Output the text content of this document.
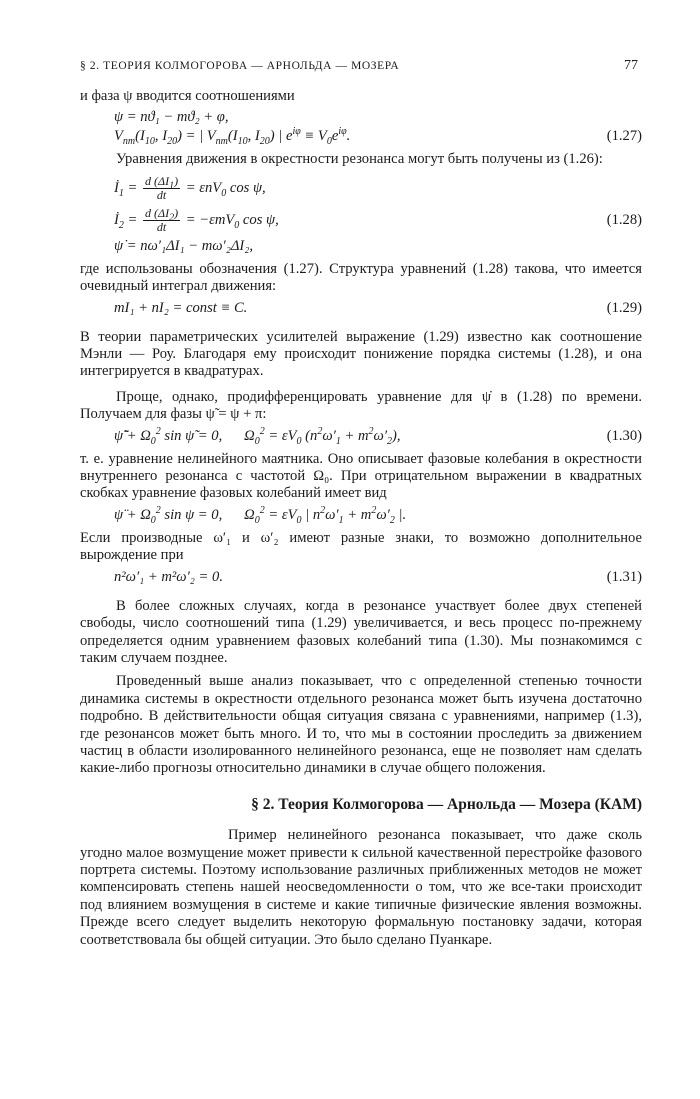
§ 2. ТЕОРИЯ КОЛМОГОРОВА — АРНОЛЬДА — МОЗЕРА	77

и фаза ψ вводится соотношениями

ψ = nϑ₁ − mϑ₂ + φ,
$V_{nm}(I_{10}$, $I_{20}$) = | $V_{nm}(I_{10}$, $I_{20}$) | $e^{i\varphi} \equiv V_0e^{i\varphi}$.	(1.27)

Уравнения движения в окрестности резонанса могут быть получены из (1.26):

$İ_1 = \frac{d (\Delta I_1)}{dt} = \varepsilon nV_0$ cos ψ,
$İ_2 = \frac{d (\Delta I_2)}{dt} = -\varepsilon mV_0$ cos ψ,	(1.28)
ψ̇ = nω′₁ΔI₁ − mω′₂ΔI₂,

где использованы обозначения (1.27). Структура уравнений (1.28) такова, что имеется очевидный интеграл движения:

mI₁ + nI₂ = const ≡ C.	(1.29)

В теории параметрических усилителей выражение (1.29) известно как соотношение Мэнли — Роу. Благодаря ему происходит понижение порядка системы (1.28), и она интегрируется в квадратурах.

Проще, однако, продифференцировать уравнение для ψ̇ в (1.28) по времени. Получаем для фазы ψ̃ = ψ + π:

ψ̃̈ + $\Omega_0^2$ sin ψ̃ = 0,      $\Omega_0^2 = \varepsilon V_0$ $(n^2\omega'_1 + m^2\omega'_2)$,	(1.30)

т. е. уравнение нелинейного маятника. Оно описывает фазовые колебания в окрестности внутреннего резонанса с частотой Ω₀. При отрицательном выражении в квадратных скобках уравнение фазовых колебаний имеет вид

ψ̈ + $\Omega_0^2$ sin ψ = 0,      $\Omega_0^2 = \varepsilon V_0$ | $n^2\omega'_1 + m^2\omega'_2$ |.

Если производные ω′₁ и ω′₂ имеют разные знаки, то возможно дополнительное вырождение при

n²ω′₁ + m²ω′₂ = 0.	(1.31)

В более сложных случаях, когда в резонансе участвует более двух степеней свободы, число соотношений типа (1.29) увеличивается, и весь процесс по-прежнему определяется одним уравнением фазовых колебаний типа (1.30). Мы познакомимся с таким случаем позднее.

Проведенный выше анализ показывает, что с определенной степенью точности динамика системы в окрестности отдельного резонанса может быть изучена достаточно подробно. В действительности общая ситуация связана с уравнениями, например (1.3), где резонансов может быть много. И то, что мы в состоянии проследить за движением частиц в области изолированного нелинейного резонанса, еще не позволяет нам сделать какие-либо прогнозы относительно динамики в случае общего положения.

§ 2. Теория Колмогорова — Арнольда — Мозера (КАМ)

Пример нелинейного резонанса показывает, что даже сколь угодно малое возмущение может привести к сильной качественной перестройке фазового портрета системы. Поэтому использование различных приближенных методов не может компенсировать степень нашей неосведомленности о том, что же все-таки происходит под влиянием возмущения в системе и какие типичные физические явления возможны. Прежде всего следует выделить некоторую формальную постановку задачи, которая соответствовала бы общей ситуации. Это было сделано Пуанкаре.
